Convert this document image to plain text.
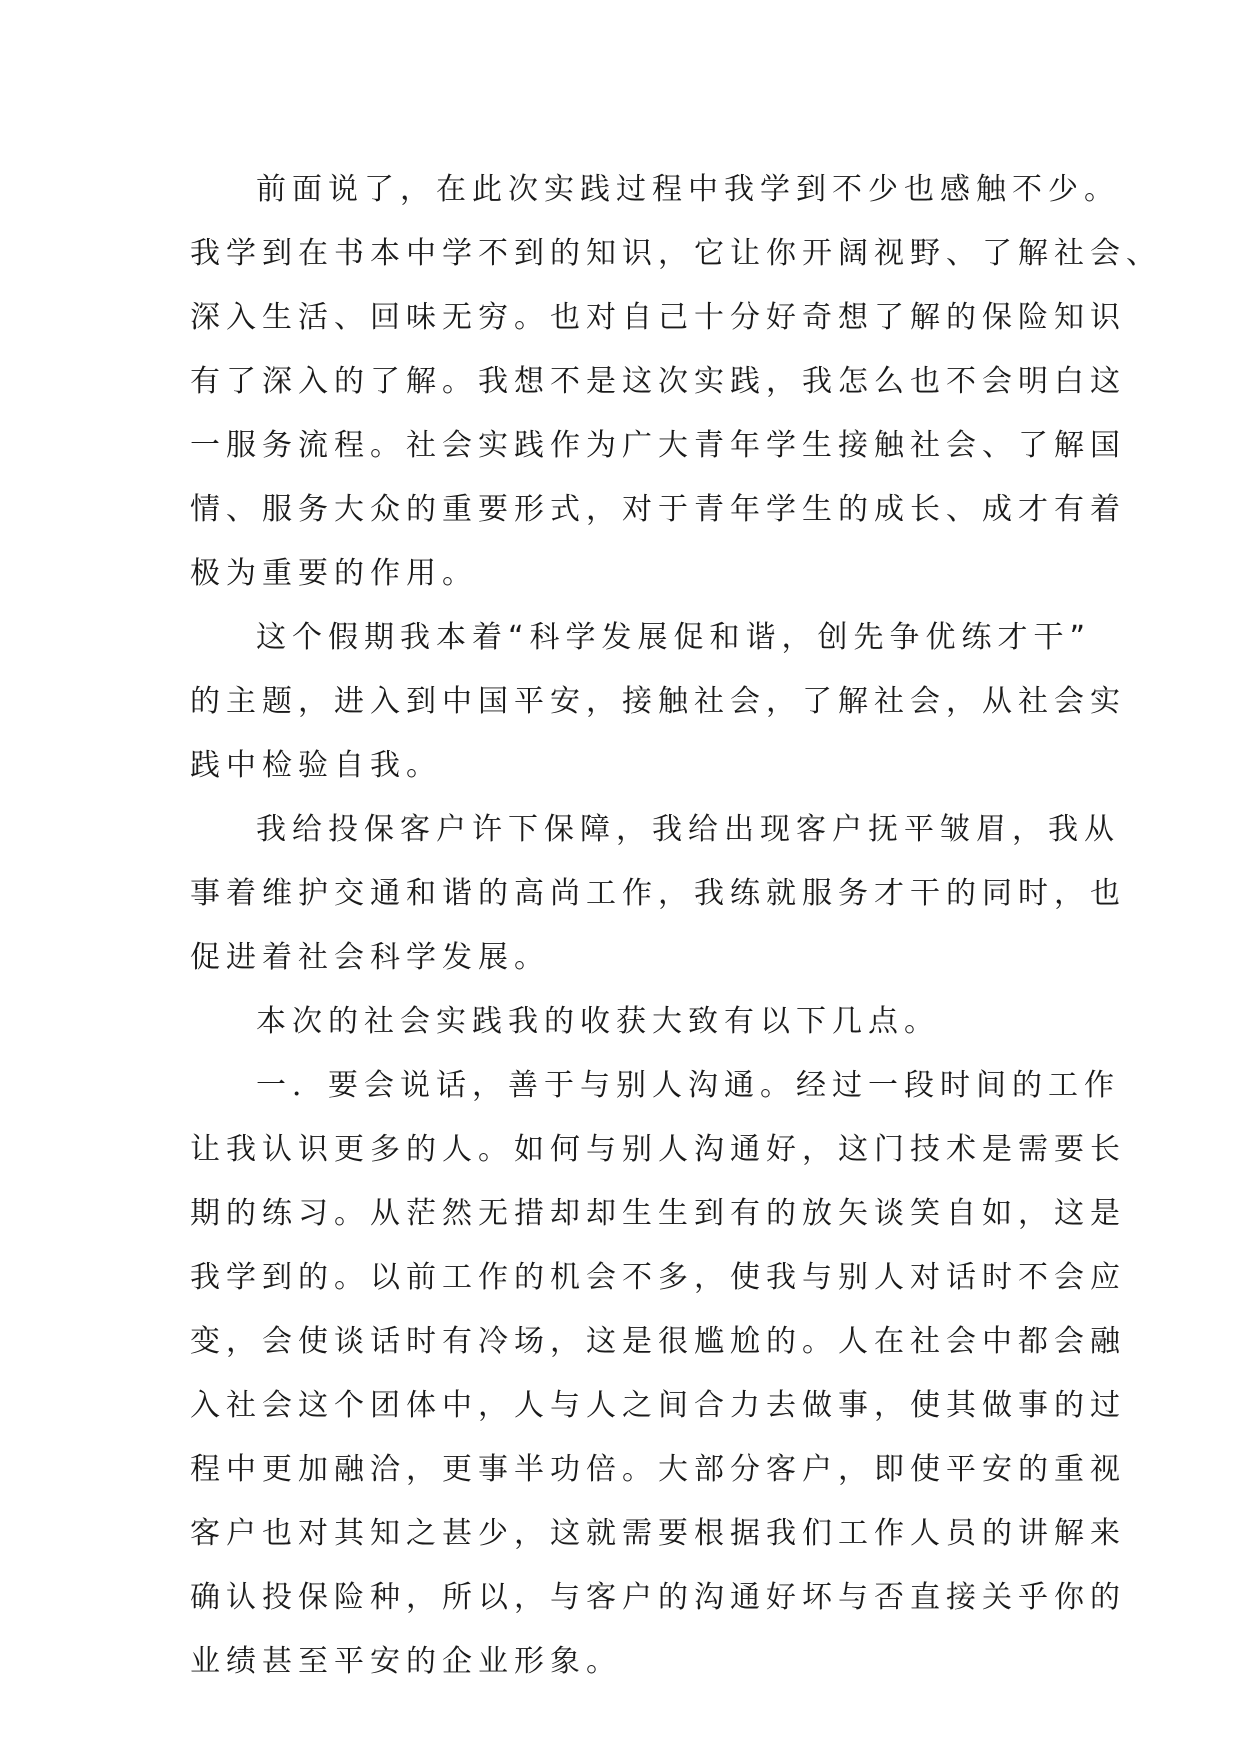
前面说了，在此次实践过程中我学到不少也感触不少。
我学到在书本中学不到的知识，它让你开阔视野、了解社会、
深入生活、回味无穷。也对自己十分好奇想了解的保险知识
有了深入的了解。我想不是这次实践，我怎么也不会明白这
一服务流程。社会实践作为广大青年学生接触社会、了解国
情、服务大众的重要形式，对于青年学生的成长、成才有着
极为重要的作用。
这个假期我本着“科学发展促和谐，创先争优练才干”
的主题，进入到中国平安，接触社会，了解社会，从社会实
践中检验自我。
我给投保客户许下保障，我给出现客户抚平皱眉，我从
事着维护交通和谐的高尚工作，我练就服务才干的同时，也
促进着社会科学发展。
本次的社会实践我的收获大致有以下几点。
一．要会说话，善于与别人沟通。经过一段时间的工作
让我认识更多的人。如何与别人沟通好，这门技术是需要长
期的练习。从茫然无措却却生生到有的放矢谈笑自如，这是
我学到的。以前工作的机会不多，使我与别人对话时不会应
变，会使谈话时有冷场，这是很尴尬的。人在社会中都会融
入社会这个团体中，人与人之间合力去做事，使其做事的过
程中更加融洽，更事半功倍。大部分客户，即使平安的重视
客户也对其知之甚少，这就需要根据我们工作人员的讲解来
确认投保险种，所以，与客户的沟通好坏与否直接关乎你的
业绩甚至平安的企业形象。
